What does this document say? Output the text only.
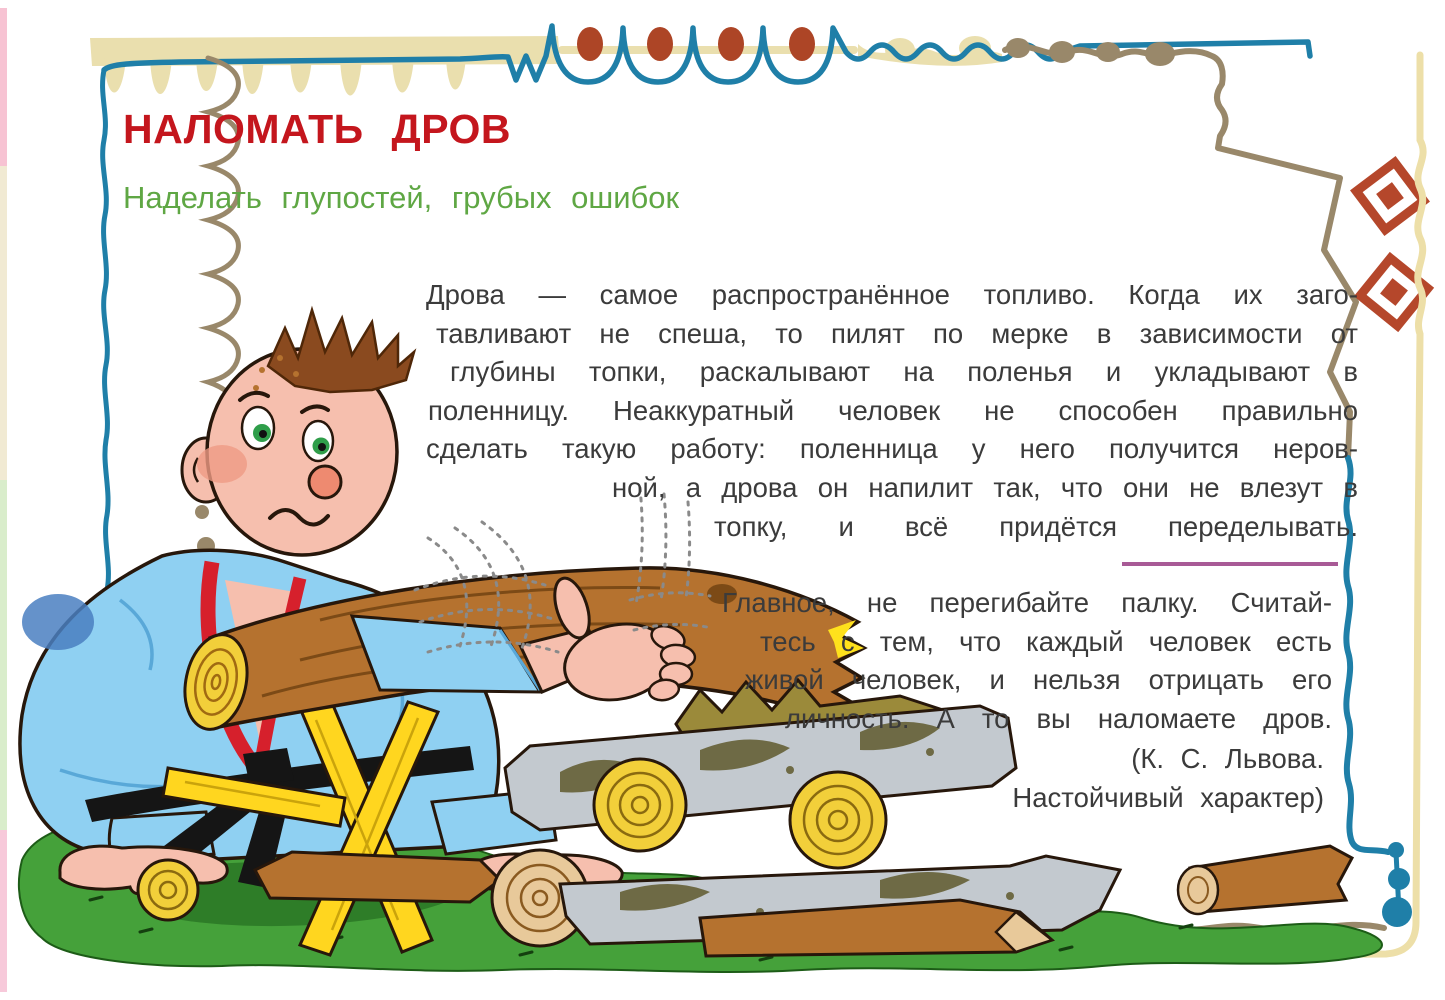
НАЛОМАТЬ ДРОВ
Наделать глупостей, грубых ошибок
Дрова — самое распространённое топливо. Когда их заго-
тавливают не спеша, то пилят по мерке в зависимости от
глубины топки, раскалывают на поленья и укладывают в
поленницу. Неаккуратный человек не способен правильно
сделать такую работу: поленница у него получится неров-
ной, а дрова он напилит так, что они не влезут в
топку, и всё придётся переделывать.
Главное, не перегибайте палку. Считай-
тесь с тем, что каждый человек есть
живой человек, и нельзя отрицать его
личность. А то вы наломаете дров.
(К. С. Львова.
Настойчивый характер)
